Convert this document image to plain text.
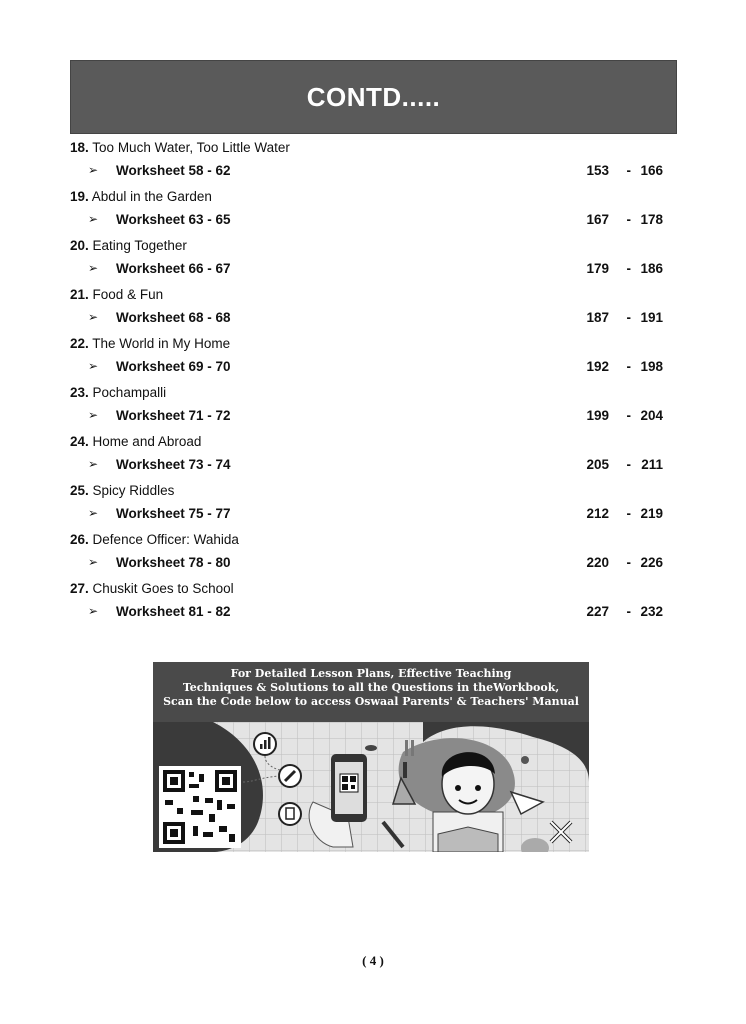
CONTD.....
18. Too Much Water, Too Little Water
➢ Worksheet 58 - 62	153 - 166
19. Abdul in the Garden
➢ Worksheet 63 - 65	167 - 178
20. Eating Together
➢ Worksheet 66 - 67	179 - 186
21. Food & Fun
➢ Worksheet 68 - 68	187 - 191
22. The World in My Home
➢ Worksheet 69 - 70	192 - 198
23. Pochampalli
➢ Worksheet 71 - 72	199 - 204
24. Home and Abroad
➢ Worksheet 73 - 74	205 - 211
25. Spicy Riddles
➢ Worksheet 75 - 77	212 - 219
26. Defence Officer: Wahida
➢ Worksheet 78 - 80	220 - 226
27. Chuskit Goes to School
➢ Worksheet 81 - 82	227 - 232
For Detailed Lesson Plans, Effective Teaching
Techniques & Solutions to all the Questions in theWorkbook,
Scan the Code below to access Oswaal Parents' & Teachers' Manual
( 4 )
